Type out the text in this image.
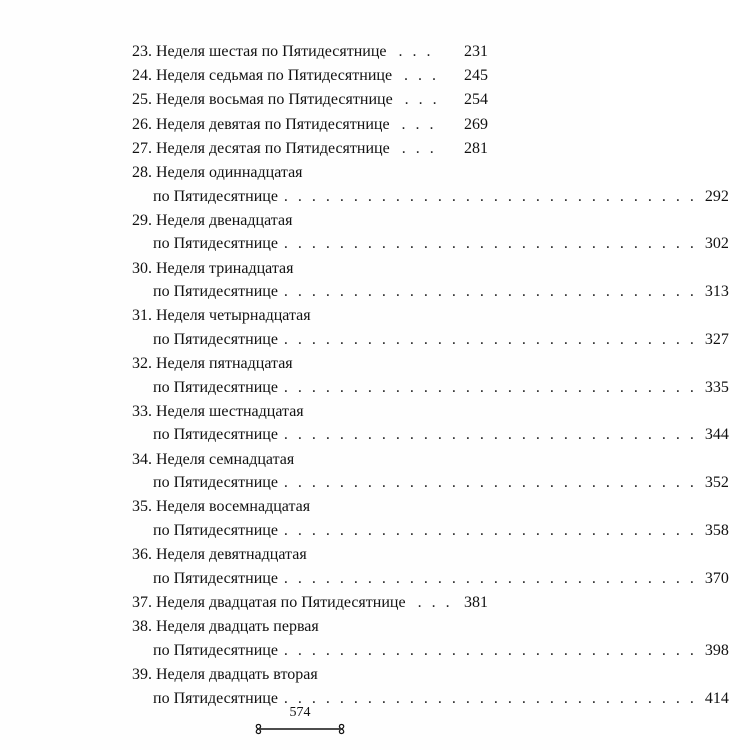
23.
Неделя шестая по Пятидесятнице . . . 231
24.
Неделя седьмая по Пятидесятнице . . . 245
25.
Неделя восьмая по Пятидесятнице . . . 254
26.
Неделя девятая по Пятидесятнице . . . 269
27.
Неделя десятая по Пятидесятнице . . . 281
28.
Неделя одиннадцатая
по Пятидесятнице . . . . . . . . . . . . . . . . . . . . . . . . . . . . . . 292
29.
Неделя двенадцатая
по Пятидесятнице . . . . . . . . . . . . . . . . . . . . . . . . . . . . . . 302
30.
Неделя тринадцатая
по Пятидесятнице . . . . . . . . . . . . . . . . . . . . . . . . . . . . . . 313
31.
Неделя четырнадцатая
по Пятидесятнице . . . . . . . . . . . . . . . . . . . . . . . . . . . . . . 327
32.
Неделя пятнадцатая
по Пятидесятнице . . . . . . . . . . . . . . . . . . . . . . . . . . . . . . 335
33.
Неделя шестнадцатая
по Пятидесятнице . . . . . . . . . . . . . . . . . . . . . . . . . . . . . . 344
34.
Неделя семнадцатая
по Пятидесятнице . . . . . . . . . . . . . . . . . . . . . . . . . . . . . . 352
35.
Неделя восемнадцатая
по Пятидесятнице . . . . . . . . . . . . . . . . . . . . . . . . . . . . . . 358
36.
Неделя девятнадцатая
по Пятидесятнице . . . . . . . . . . . . . . . . . . . . . . . . . . . . . . 370
37.
Неделя двадцатая по Пятидесятнице . . . 381
38.
Неделя двадцать первая
по Пятидесятнице . . . . . . . . . . . . . . . . . . . . . . . . . . . . . . 398
39.
Неделя двадцать вторая
по Пятидесятнице . . . . . . . . . . . . . . . . . . . . . . . . . . . . . . 414
574
